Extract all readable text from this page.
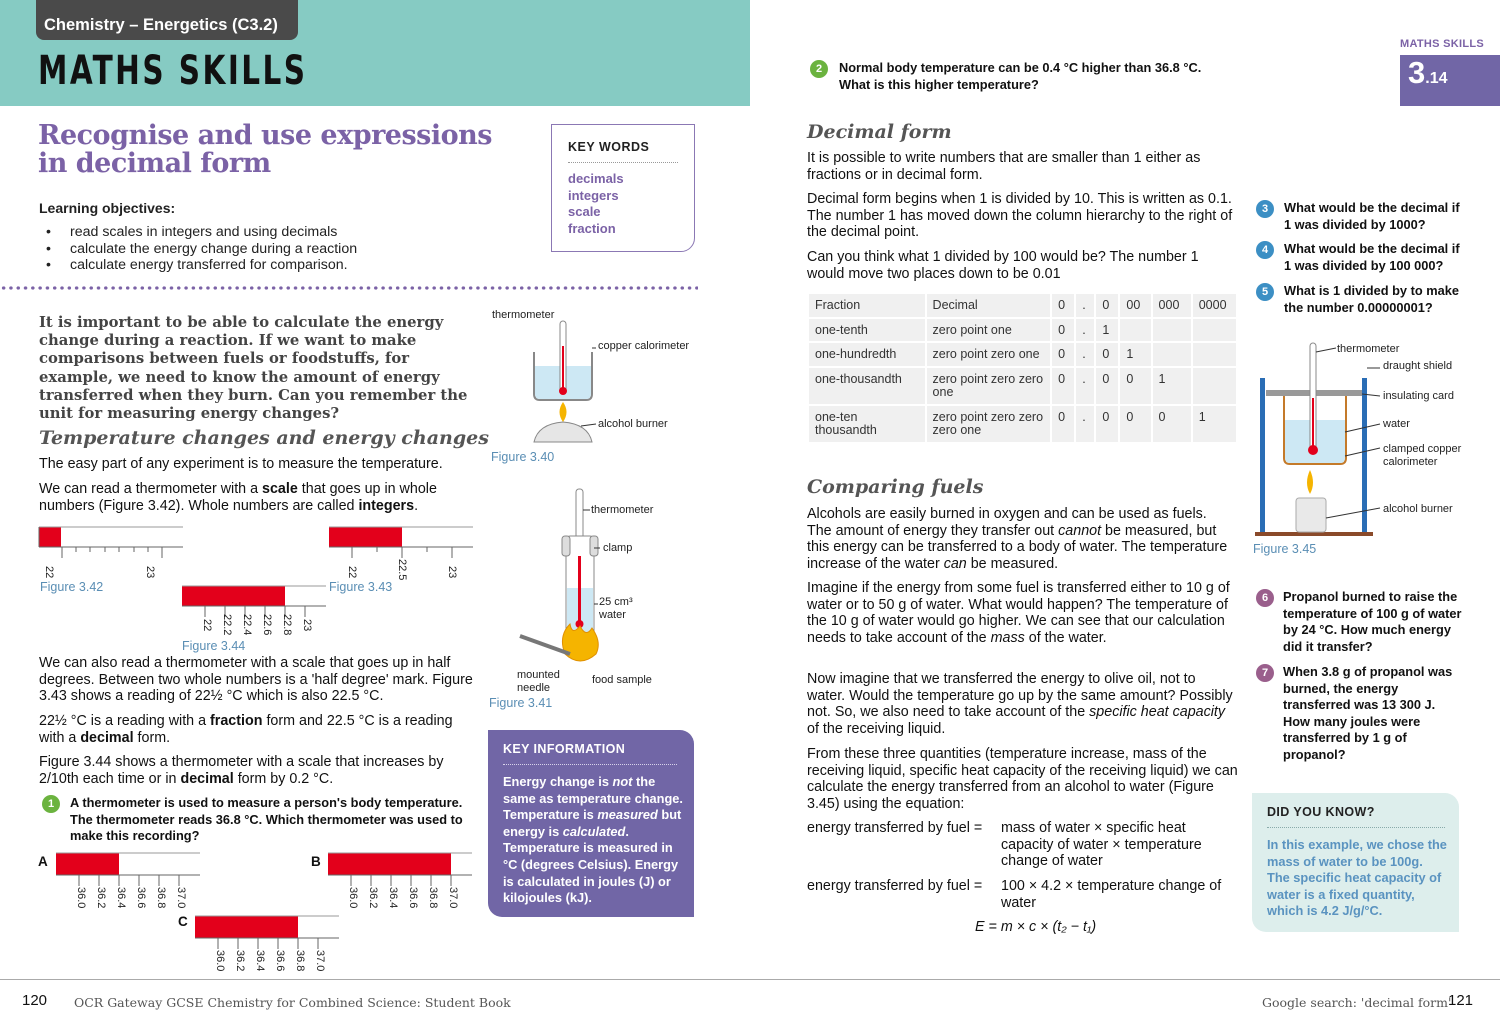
Chemistry – Energetics (C3.2)
MATHS SKILLS
Recognise and use expressions
in decimal form
Learning objectives:
• read scales in integers and using decimals
• calculate the energy change during a reaction
• calculate energy transferred for comparison.
KEY WORDS
decimals
integers
scale
fraction
It is important to be able to calculate the energy change during a reaction. If we want to make comparisons between fuels or foodstuffs, for example, we need to know the amount of energy transferred when they burn. Can you remember the unit for measuring energy changes?
Temperature changes and energy changes
The easy part of any experiment is to measure the temperature.
We can read a thermometer with a scale that goes up in whole numbers (Figure 3.42). Whole numbers are called integers.
22	23
Figure 3.42
22	22.5	23
Figure 3.43
22 22.2 22.4 22.6 22.8 23
Figure 3.44
We can also read a thermometer with a scale that goes up in half degrees. Between two whole numbers is a 'half degree' mark. Figure 3.43 shows a reading of 22½ °C which is also 22.5 °C.
22½ °C is a reading with a fraction form and 22.5 °C is a reading with a decimal form.
Figure 3.44 shows a thermometer with a scale that increases by 2/10th each time or in decimal form by 0.2 °C.
1	A thermometer is used to measure a person's body temperature. The thermometer reads 36.8 °C. Which thermometer was used to make this recording?
A
36.0 36.2 36.4 36.6 36.8 37.0
B
36.0 36.2 36.4 36.6 36.8 37.0
C
36.0 36.2 36.4 36.6 36.8 37.0
thermometer
copper calorimeter
alcohol burner
Figure 3.40
thermometer
clamp
25 cm³
water
mounted
needle
food sample
Figure 3.41
KEY INFORMATION

Energy change is not the same as temperature change. Temperature is measured but energy is calculated. Temperature is measured in °C (degrees Celsius). Energy is calculated in joules (J) or kilojoules (kJ).

MATHS SKILLS
3.14
2	Normal body temperature can be 0.4 °C higher than 36.8 °C. What is this higher temperature?
Decimal form
It is possible to write numbers that are smaller than 1 either as fractions or in decimal form.
Decimal form begins when 1 is divided by 10. This is written as 0.1. The number 1 has moved down the column hierarchy to the right of the decimal point.
Can you think what 1 divided by 100 would be? The number 1 would move two places down to be 0.01
Fraction	Decimal	0	.	0	00	000	0000
one-tenth	zero point one	0	.	1			
one-hundredth	zero point zero one	0	.	0	1		
one-thousandth	zero point zero zero one	0	.	0	0	1	
one-ten thousandth	zero point zero zero zero one	0	.	0	0	0	1
Comparing fuels
Alcohols are easily burned in oxygen and can be used as fuels. The amount of energy they transfer out cannot be measured, but this energy can be transferred to a body of water. The temperature increase of the water can be measured.
Imagine if the energy from some fuel is transferred either to 10 g of water or to 50 g of water. What would happen? The temperature of the 10 g of water would go higher. We can see that our calculation needs to take account of the mass of the water.
Now imagine that we transferred the energy to olive oil, not to water. Would the temperature go up by the same amount? Possibly not. So, we also need to take account of the specific heat capacity of the receiving liquid.
From these three quantities (temperature increase, mass of the receiving liquid, specific heat capacity of the receiving liquid) we can calculate the energy transferred from an alcohol to water (Figure 3.45) using the equation:
energy transferred by fuel =	mass of water × specific heat capacity of water × temperature change of water
energy transferred by fuel =	100 × 4.2 × temperature change of water
E = m × c × (t₂ − t₁)
3	What would be the decimal if 1 was divided by 1000?
4	What would be the decimal if 1 was divided by 100 000?
5	What is 1 divided by to make the number 0.00000001?
thermometer
draught shield
insulating card
water
clamped copper
calorimeter
alcohol burner
Figure 3.45
6	Propanol burned to raise the temperature of 100 g of water by 24 °C. How much energy did it transfer?
7	When 3.8 g of propanol was burned, the energy transferred was 13 300 J. How many joules were transferred by 1 g of propanol?
DID YOU KNOW?

In this example, we chose the mass of water to be 100g. The specific heat capacity of water is a fixed quantity, which is 4.2 J/g/°C.

120 OCR Gateway GCSE Chemistry for Combined Science: Student Book	Google search: 'decimal form'
121
